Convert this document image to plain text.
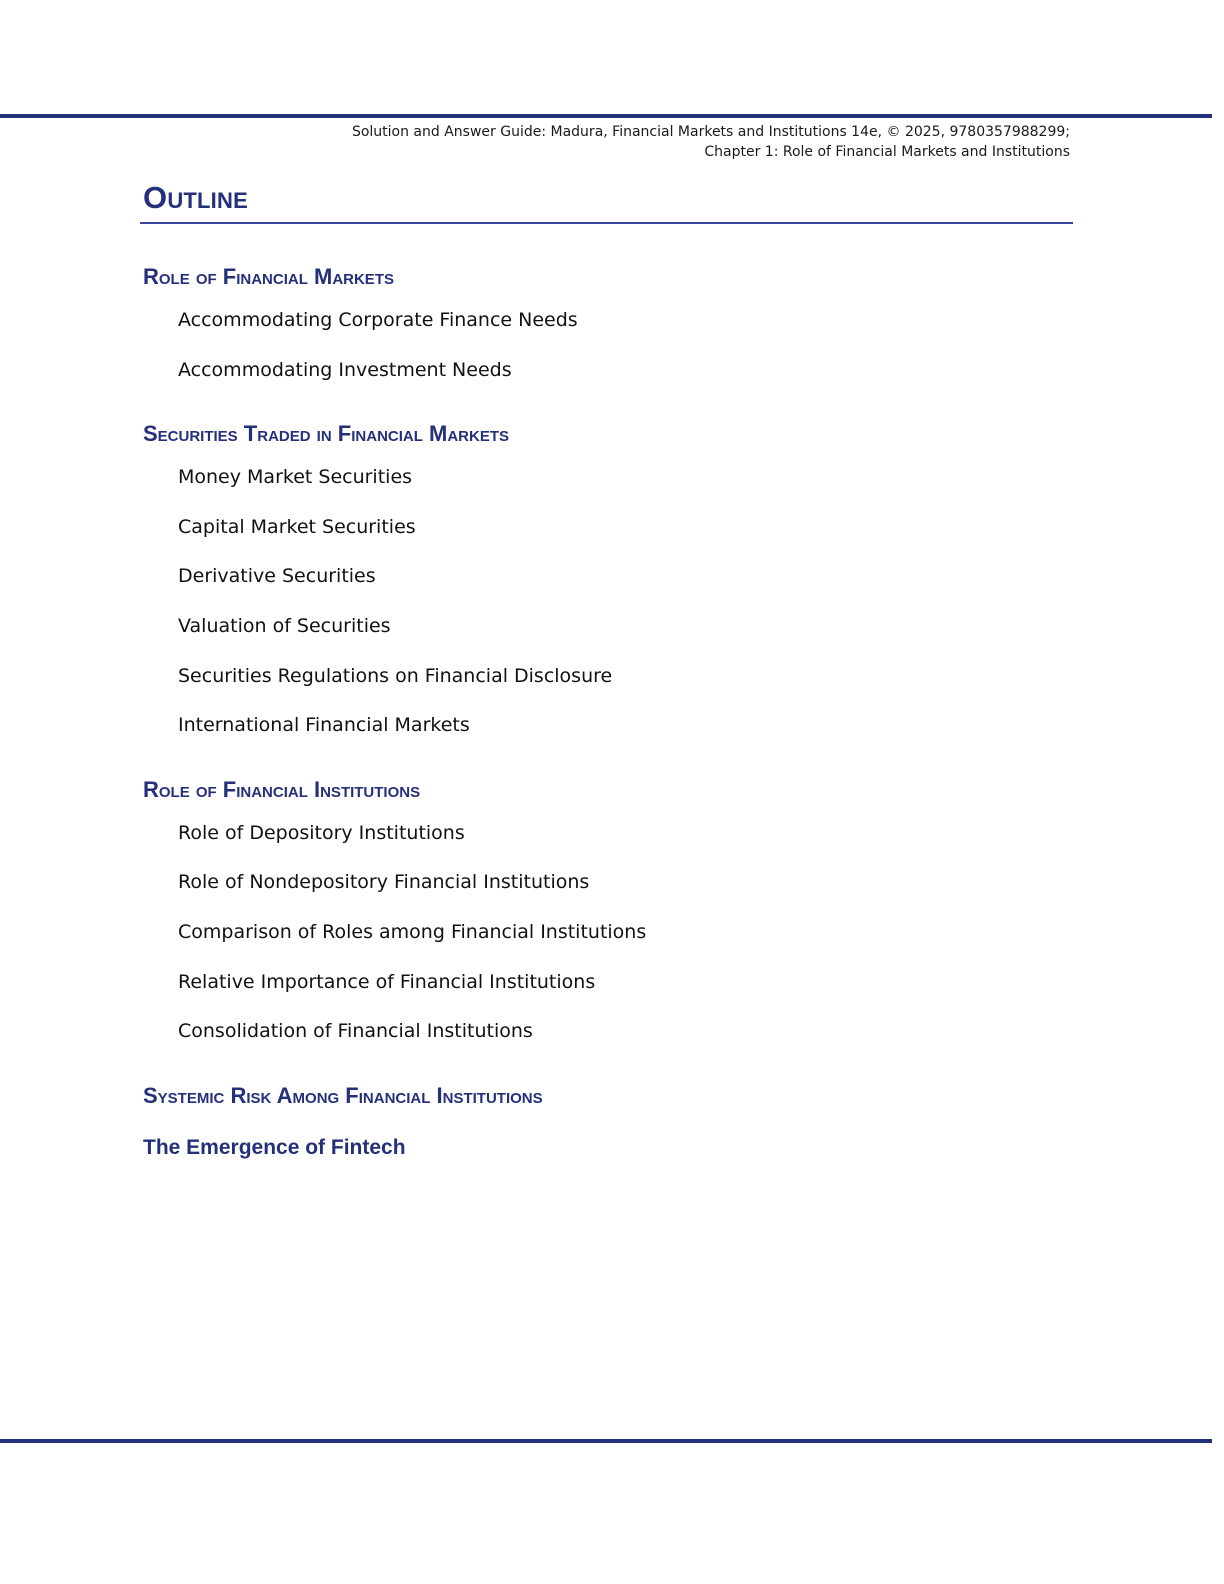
Solution and Answer Guide: Madura, Financial Markets and Institutions 14e, © 2025, 9780357988299;
Chapter 1: Role of Financial Markets and Institutions
Outline
Role of Financial Markets
Accommodating Corporate Finance Needs
Accommodating Investment Needs
Securities Traded in Financial Markets
Money Market Securities
Capital Market Securities
Derivative Securities
Valuation of Securities
Securities Regulations on Financial Disclosure
International Financial Markets
Role of Financial Institutions
Role of Depository Institutions
Role of Nondepository Financial Institutions
Comparison of Roles among Financial Institutions
Relative Importance of Financial Institutions
Consolidation of Financial Institutions
Systemic Risk Among Financial Institutions
The Emergence of Fintech
